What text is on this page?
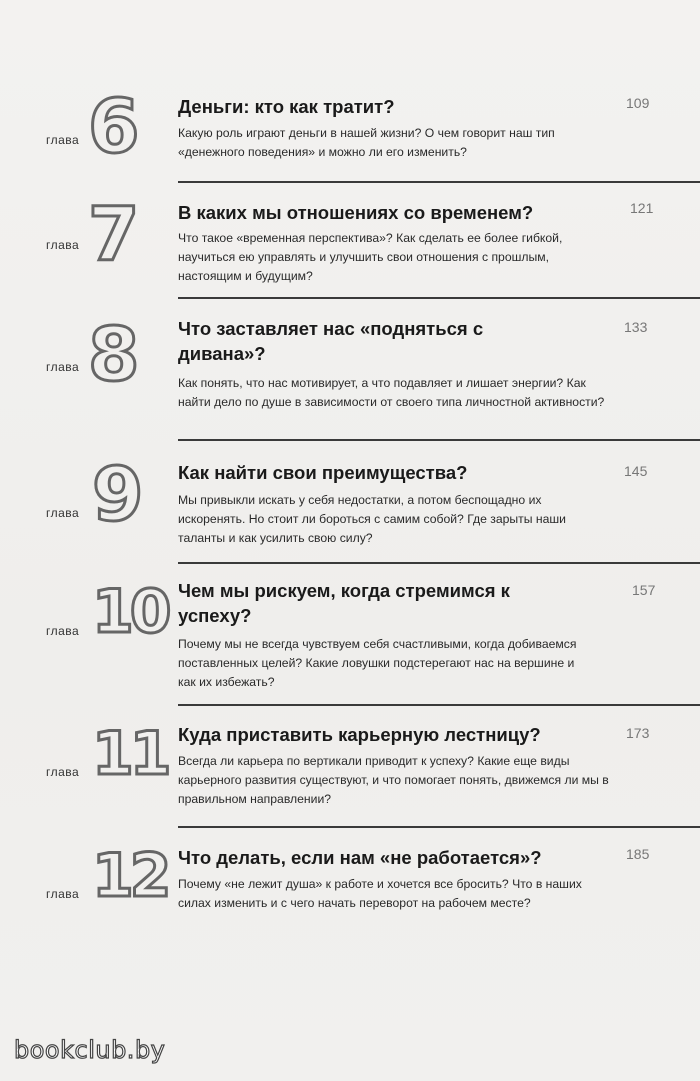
6
глава
Деньги: кто как тратит?
Какую роль играют деньги в нашей жизни? О чем говорит наш тип «денежного поведения» и можно ли его изменить?
109
7
глава
В каких мы отношениях со временем?
Что такое «временная перспектива»? Как сделать ее более гибкой, научиться ею управлять и улучшить свои отношения с прошлым, настоящим и будущим?
121
8
глава
Что заставляет нас «подняться с дивана»?
Как понять, что нас мотивирует, а что подавляет и лишает энергии? Как найти дело по душе в зависимости от своего типа личностной активности?
133
9
глава
Как найти свои преимущества?
Мы привыкли искать у себя недостатки, а потом беспощадно их искоренять. Но стоит ли бороться с самим собой? Где зарыты наши таланты и как усилить свою силу?
145
10
глава
Чем мы рискуем, когда стремимся к успеху?
Почему мы не всегда чувствуем себя счастливыми, когда добиваемся поставленных целей? Какие ловушки подстерегают нас на вершине и как их избежать?
157
11
глава
Куда приставить карьерную лестницу?
Всегда ли карьера по вертикали приводит к успеху? Какие еще виды карьерного развития существуют, и что помогает понять, движемся ли мы в правильном направлении?
173
12
глава
Что делать, если нам «не работается»?
Почему «не лежит душа» к работе и хочется все бросить? Что в наших силах изменить и с чего начать переворот на рабочем месте?
185
bookclub.by
